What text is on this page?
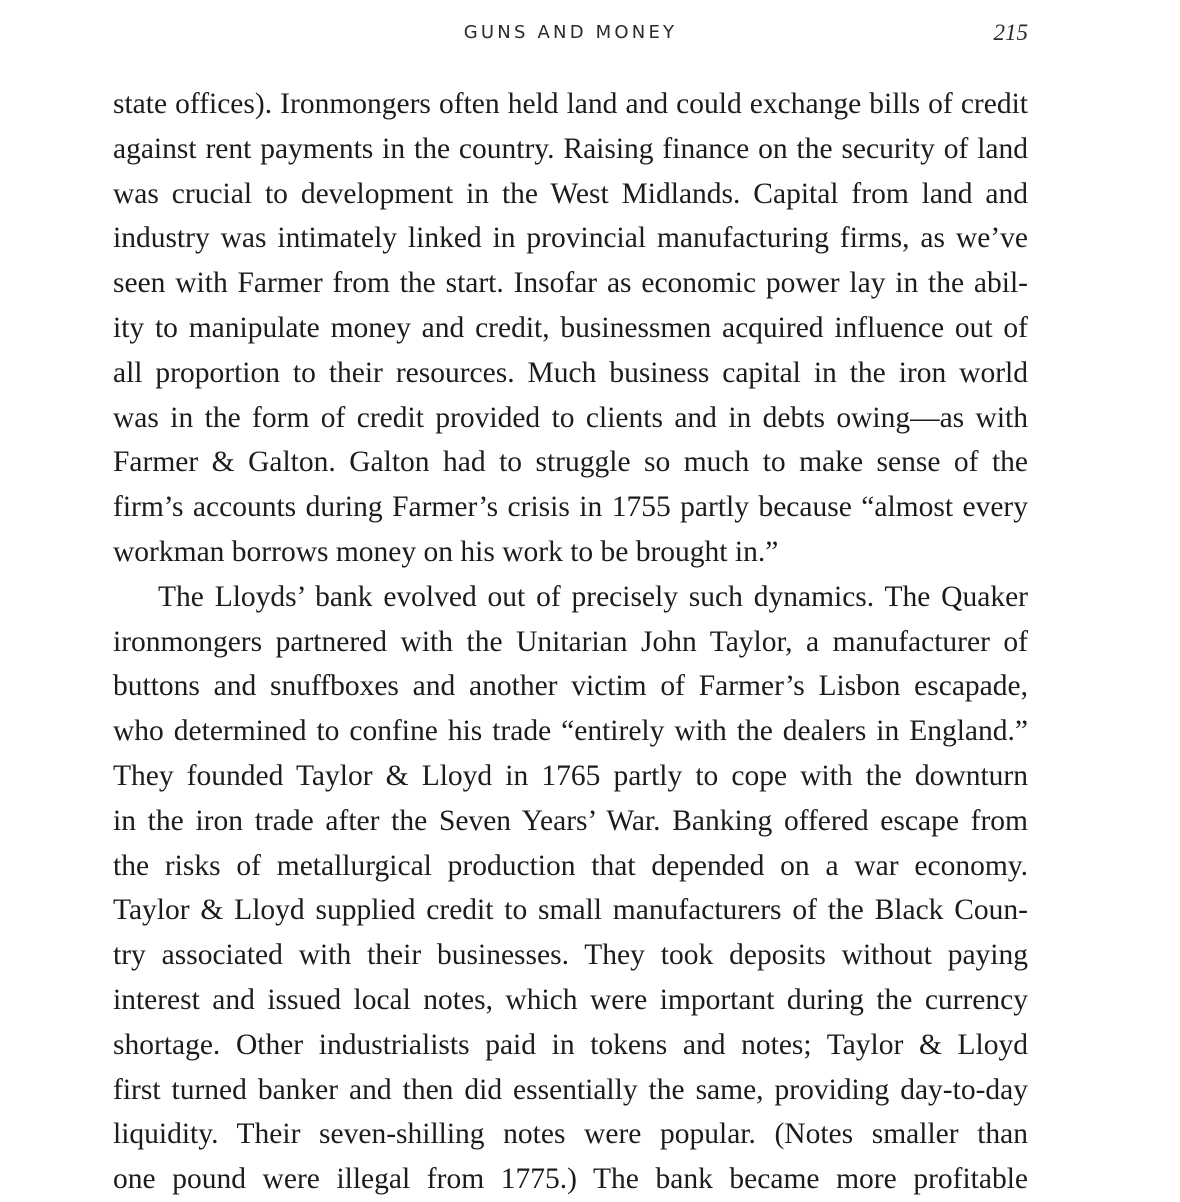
GUNS AND MONEY	215
state offices). Ironmongers often held land and could exchange bills of credit
against rent payments in the country. Raising finance on the security of land
was crucial to development in the West Midlands. Capital from land and
industry was intimately linked in provincial manufacturing firms, as we’ve
seen with Farmer from the start. Insofar as economic power lay in the abil-
ity to manipulate money and credit, businessmen acquired influence out of
all proportion to their resources. Much business capital in the iron world
was in the form of credit provided to clients and in debts owing—as with
Farmer & Galton. Galton had to struggle so much to make sense of the
firm’s accounts during Farmer’s crisis in 1755 partly because “almost every
workman borrows money on his work to be brought in.”
The Lloyds’ bank evolved out of precisely such dynamics. The Quaker
ironmongers partnered with the Unitarian John Taylor, a manufacturer of
buttons and snuffboxes and another victim of Farmer’s Lisbon escapade,
who determined to confine his trade “entirely with the dealers in England.”
They founded Taylor & Lloyd in 1765 partly to cope with the downturn
in the iron trade after the Seven Years’ War. Banking offered escape from
the risks of metallurgical production that depended on a war economy.
Taylor & Lloyd supplied credit to small manufacturers of the Black Coun-
try associated with their businesses. They took deposits without paying
interest and issued local notes, which were important during the currency
shortage. Other industrialists paid in tokens and notes; Taylor & Lloyd
first turned banker and then did essentially the same, providing day-to-day
liquidity. Their seven-shilling notes were popular. (Notes smaller than
one pound were illegal from 1775.) The bank became more profitable
